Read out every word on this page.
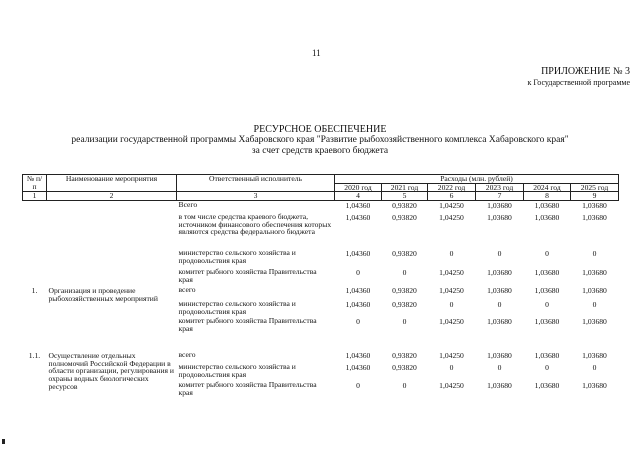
11
ПРИЛОЖЕНИЕ № 3
к Государственной программе
РЕСУРСНОЕ ОБЕСПЕЧЕНИЕ
реализации государственной программы Хабаровского края "Развитие рыбохозяйственного комплекса Хабаровского края"
за счет средств краевого бюджета
№ п/п	Наименование мероприятия	Ответственный исполнитель	Расходы (млн. рублей)					
			2020 год	2021 год	2022 год	2023 год	2024 год	2025 год
1	2	3	4	5	6	7	8	9
		Всего	1,04360	0,93820	1,04250	1,03680	1,03680	1,03680
		в том числе средства краевого бюджета, источником финансового обеспечения которых являются средства федерального бюджета	1,04360	0,93820	1,04250	1,03680	1,03680	1,03680
		министерство сельского хозяйства и продовольствия края	1,04360	0,93820	0	0	0	0
		комитет рыбного хозяйства Правительства края	0	0	1,04250	1,03680	1,03680	1,03680
1.	Организация и проведение рыбохозяйственных мероприятий	всего	1,04360	0,93820	1,04250	1,03680	1,03680	1,03680
		министерство сельского хозяйства и продовольствия края	1,04360	0,93820	0	0	0	0
		комитет рыбного хозяйства Правительства края	0	0	1,04250	1,03680	1,03680	1,03680

1.1.	Осуществление отдельных полномочий Российской Федерации в области организации, регулирования и охраны водных биологических ресурсов	всего	1,04360	0,93820	1,04250	1,03680	1,03680	1,03680
		министерство сельского хозяйства и продовольствия края	1,04360	0,93820	0	0	0	0
		комитет рыбного хозяйства Правительства края	0	0	1,04250	1,03680	1,03680	1,03680
